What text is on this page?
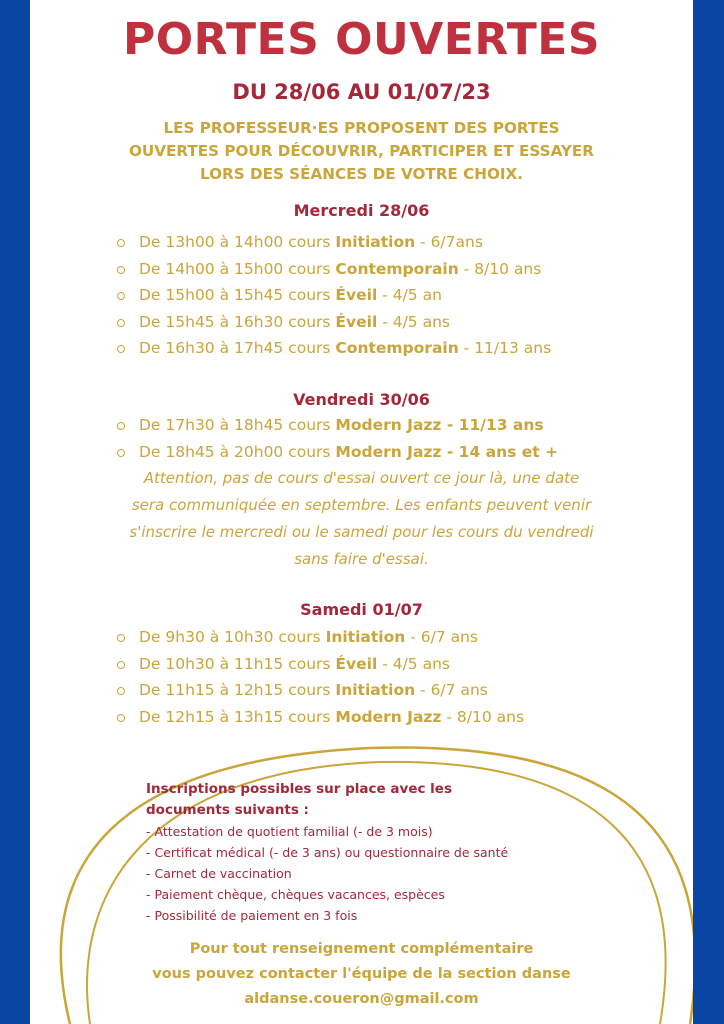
PORTES OUVERTES
DU 28/06 AU 01/07/23
LES PROFESSEUR·ES PROPOSENT DES PORTES
OUVERTES POUR DÉCOUVRIR, PARTICIPER ET ESSAYER
LORS DES SÉANCES DE VOTRE CHOIX.
Mercredi 28/06
De 13h00 à 14h00 cours Initiation - 6/7ans
De 14h00 à 15h00 cours Contemporain - 8/10 ans
De 15h00 à 15h45 cours Éveil - 4/5 an
De 15h45 à 16h30 cours Éveil - 4/5 ans
De 16h30 à 17h45 cours Contemporain - 11/13 ans
Vendredi 30/06
De 17h30 à 18h45 cours Modern Jazz - 11/13 ans
De 18h45 à 20h00 cours Modern Jazz - 14 ans et +
Attention, pas de cours d'essai ouvert ce jour là, une date
sera communiquée en septembre. Les enfants peuvent venir
s'inscrire le mercredi ou le samedi pour les cours du vendredi
sans faire d'essai.
Samedi 01/07
De 9h30 à 10h30 cours Initiation - 6/7 ans
De 10h30 à 11h15 cours Éveil - 4/5 ans
De 11h15 à 12h15 cours Initiation - 6/7 ans
De 12h15 à 13h15 cours Modern Jazz - 8/10 ans
Inscriptions possibles sur place avec les
documents suivants :
- Attestation de quotient familial (- de 3 mois)
- Certificat médical (- de 3 ans) ou questionnaire de santé
- Carnet de vaccination
- Paiement chèque, chèques vacances, espèces
- Possibilité de paiement en 3 fois
Pour tout renseignement complémentaire
vous pouvez contacter l'équipe de la section danse
aldanse.coueron@gmail.com
